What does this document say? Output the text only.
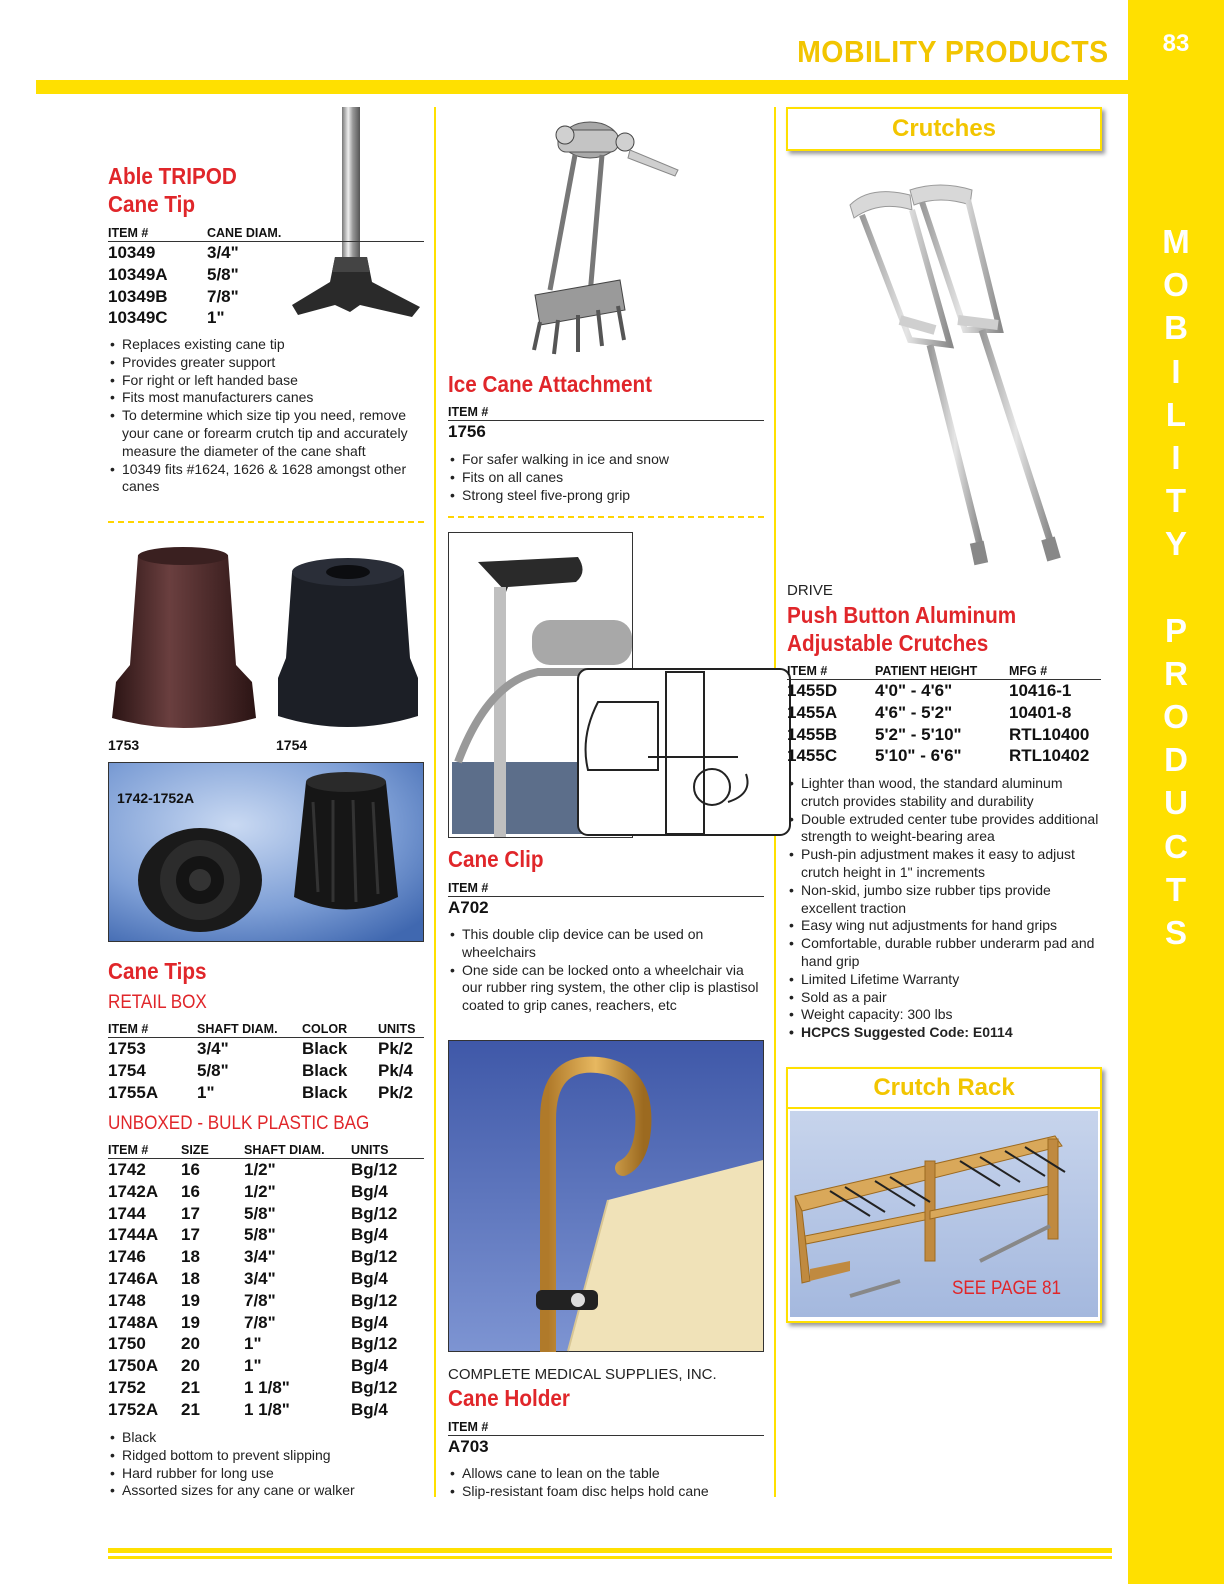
83
M
O
B
I
L
I
T
Y
P
R
O
D
U
C
T
S
MOBILITY PRODUCTS
Able TRIPOD
Cane Tip
ITEM #	CANE DIAM.
10349	3/4"
10349A	5/8"
10349B	7/8"
10349C	1"
• Replaces existing cane tip
• Provides greater support
• For right or left handed base
• Fits most manufacturers canes
• To determine which size tip you need, remove your cane or forearm crutch tip and accurately measure the diameter of the cane shaft
• 10349 fits #1624, 1626 & 1628 amongst other canes
1753	1754
1742-1752A
Cane Tips
RETAIL BOX
ITEM #	SHAFT DIAM.	COLOR	UNITS
1753	3/4"	Black	Pk/2
1754	5/8"	Black	Pk/4
1755A	1"	Black	Pk/2
UNBOXED - BULK PLASTIC BAG
ITEM #	SIZE	SHAFT DIAM.	UNITS
1742	16	1/2"	Bg/12
1742A	16	1/2"	Bg/4
1744	17	5/8"	Bg/12
1744A	17	5/8"	Bg/4
1746	18	3/4"	Bg/12
1746A	18	3/4"	Bg/4
1748	19	7/8"	Bg/12
1748A	19	7/8"	Bg/4
1750	20	1"	Bg/12
1750A	20	1"	Bg/4
1752	21	1 1/8"	Bg/12
1752A	21	1 1/8"	Bg/4
• Black
• Ridged bottom to prevent slipping
• Hard rubber for long use
• Assorted sizes for any cane or walker
Ice Cane Attachment
ITEM #
1756
• For safer walking in ice and snow
• Fits on all canes
• Strong steel five-prong grip
Cane Clip
ITEM #
A702
• This double clip device can be used on wheelchairs
• One side can be locked onto a wheelchair via our rubber ring system, the other clip is plastisol coated to grip canes, reachers, etc
COMPLETE MEDICAL SUPPLIES, INC.
Cane Holder
ITEM #
A703
• Allows cane to lean on the table
• Slip-resistant foam disc helps hold cane
Crutches
DRIVE
Push Button Aluminum
Adjustable Crutches
ITEM #	PATIENT HEIGHT	MFG #
1455D	4'0" - 4'6"	10416-1
1455A	4'6" - 5'2"	10401-8
1455B	5'2" - 5'10"	RTL10400
1455C	5'10" - 6'6"	RTL10402
• Lighter than wood, the standard aluminum crutch provides stability and durability
• Double extruded center tube provides additional strength to weight-bearing area
• Push-pin adjustment makes it easy to adjust crutch height in 1" increments
• Non-skid, jumbo size rubber tips provide excellent traction
• Easy wing nut adjustments for hand grips
• Comfortable, durable rubber underarm pad and hand grip
• Limited Lifetime Warranty
• Sold as a pair
• Weight capacity: 300 lbs
• HCPCS Suggested Code: E0114
Crutch Rack
SEE PAGE 81
